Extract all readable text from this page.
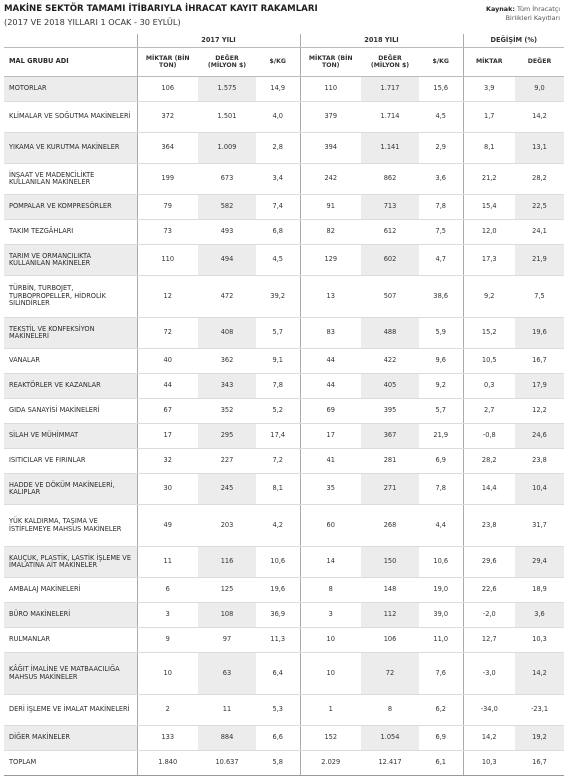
MAKİNE SEKTÖR TAMAMI İTİBARIYLA İHRACAT KAYIT RAKAMLARI
(2017 VE 2018 YILLARI 1 OCAK - 30 EYLÜL)
Kaynak: Tüm İhracatçı
Birlikleri Kayıtları
	2017 YILI			2018 YILI			DEĞİŞİM (%)	
MAL GRUBU ADI	MİKTAR (BİN TON)	DEĞER (MİLYON $)	$/KG	MİKTAR (BİN TON)	DEĞER (MİLYON $)	$/KG	MİKTAR	DEĞER
MOTORLAR	106	1.575	14,9	110	1.717	15,6	3,9	9,0
KLİMALAR VE SOĞUTMA MAKİNELERİ	372	1.501	4,0	379	1.714	4,5	1,7	14,2
YIKAMA VE KURUTMA MAKİNELER	364	1.009	2,8	394	1.141	2,9	8,1	13,1
İNŞAAT VE MADENCİLİKTE KULLANILAN MAKİNELER	199	673	3,4	242	862	3,6	21,2	28,2
POMPALAR VE KOMPRESÖRLER	79	582	7,4	91	713	7,8	15,4	22,5
TAKIM TEZGÂHLARI	73	493	6,8	82	612	7,5	12,0	24,1
TARIM VE ORMANCILIKTA KULLANILAN MAKİNELER	110	494	4,5	129	602	4,7	17,3	21,9
TÜRBİN, TURBOJET, TURBOPROPELLER, HİDROLİK SİLİNDİRLER	12	472	39,2	13	507	38,6	9,2	7,5
TEKSTİL VE KONFEKSİYON MAKİNELERİ	72	408	5,7	83	488	5,9	15,2	19,6
VANALAR	40	362	9,1	44	422	9,6	10,5	16,7
REAKTÖRLER VE KAZANLAR	44	343	7,8	44	405	9,2	0,3	17,9
GIDA SANAYİSİ MAKİNELERİ	67	352	5,2	69	395	5,7	2,7	12,2
SİLAH VE MÜHİMMAT	17	295	17,4	17	367	21,9	-0,8	24,6
ISITICILAR VE FIRINLAR	32	227	7,2	41	281	6,9	28,2	23,8
HADDE VE DÖKÜM MAKİNELERİ, KALIPLAR	30	245	8,1	35	271	7,8	14,4	10,4
YÜK KALDIRMA, TAŞIMA VE İSTİFLEMEYE MAHSUS MAKİNELER	49	203	4,2	60	268	4,4	23,8	31,7
KAUÇUK, PLASTİK, LASTİK İŞLEME VE İMALATINA AİT MAKİNELER	11	116	10,6	14	150	10,6	29,6	29,4
AMBALAJ MAKİNELERİ	6	125	19,6	8	148	19,0	22,6	18,9
BÜRO MAKİNELERİ	3	108	36,9	3	112	39,0	-2,0	3,6
RULMANLAR	9	97	11,3	10	106	11,0	12,7	10,3
KÂĞIT İMALİNE VE MATBAACILIĞA MAHSUS MAKİNELER	10	63	6,4	10	72	7,6	-3,0	14,2
DERİ İŞLEME VE İMALAT MAKİNELERİ	2	11	5,3	1	8	6,2	-34,0	-23,1
DİĞER MAKİNELER	133	884	6,6	152	1.054	6,9	14,2	19,2
TOPLAM	1.840	10.637	5,8	2.029	12.417	6,1	10,3	16,7
